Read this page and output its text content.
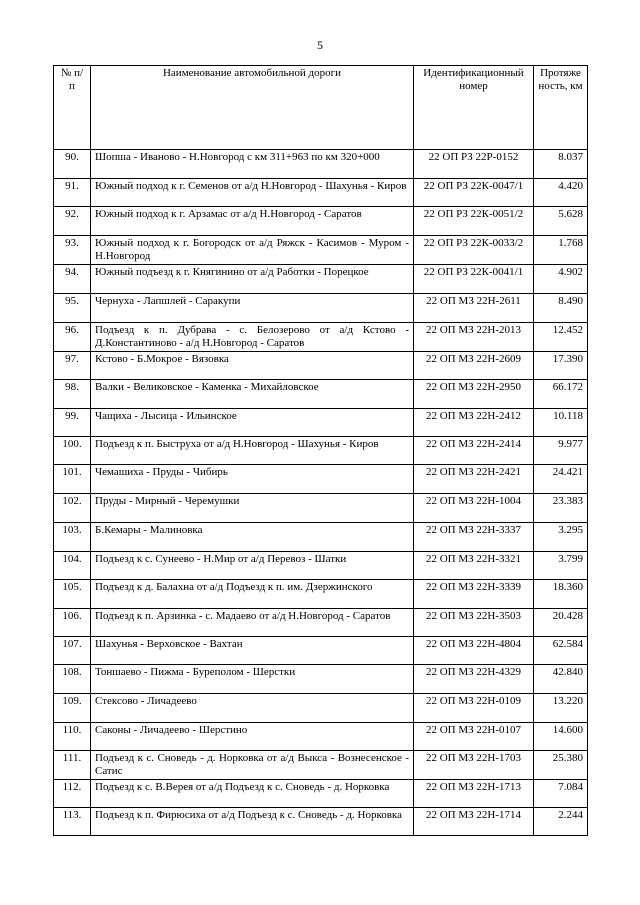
5
№ п/п	Наименование автомобильной дороги	Идентификационный номер	Протяже ность, км
90.	Шопша - Иваново - Н.Новгород с км 311+963 по км 320+000	22 ОП РЗ 22Р-0152	8.037
91.	Южный подход к г. Семенов от а/д Н.Новгород - Шахунья - Киров	22 ОП РЗ 22К-0047/1	4.420
92.	Южный подход к г. Арзамас от а/д Н.Новгород - Саратов	22 ОП РЗ 22К-0051/2	5.628
93.	Южный подход к г. Богородск от а/д Ряжск - Касимов - Муром - Н.Новгород	22 ОП РЗ 22К-0033/2	1.768
94.	Южный подъезд к г. Княгинино от а/д Работки - Порецкое	22 ОП РЗ 22К-0041/1	4.902
95.	Чернуха - Лапшлей - Саракупи	22 ОП МЗ 22Н-2611	8.490
96.	Подъезд к п. Дубрава - с. Белозерово от а/д Кстово - Д.Константиново - а/д Н.Новгород - Саратов	22 ОП МЗ 22Н-2013	12.452
97.	Кстово - Б.Мокрое - Вязовка	22 ОП МЗ 22Н-2609	17.390
98.	Валки - Великовское - Каменка - Михайловское	22 ОП МЗ 22Н-2950	66.172
99.	Чащиха - Лысица - Ильинское	22 ОП МЗ 22Н-2412	10.118
100.	Подъезд к п. Быструха от а/д Н.Новгород - Шахунья - Киров	22 ОП МЗ 22Н-2414	9.977
101.	Чемашиха - Пруды - Чибирь	22 ОП МЗ 22Н-2421	24.421
102.	Пруды - Мирный - Черемушки	22 ОП МЗ 22Н-1004	23.383
103.	Б.Кемары - Малиновка	22 ОП МЗ 22Н-3337	3.295
104.	Подъезд к с. Сунеево - Н.Мир от а/д Перевоз - Шатки	22 ОП МЗ 22Н-3321	3.799
105.	Подъезд к д. Балахна от а/д Подъезд к п. им. Дзержинского	22 ОП МЗ 22Н-3339	18.360
106.	Подъезд к п. Арзинка - с. Мадаево от а/д Н.Новгород - Саратов	22 ОП МЗ 22Н-3503	20.428
107.	Шахунья - Верховское - Вахтан	22 ОП МЗ 22Н-4804	62.584
108.	Тоншаево - Пижма - Буреполом - Шерстки	22 ОП МЗ 22Н-4329	42.840
109.	Стексово - Личадеево	22 ОП МЗ 22Н-0109	13.220
110.	Саконы - Личадеево - Шерстино	22 ОП МЗ 22Н-0107	14.600
111.	Подъезд к с. Сноведь - д. Норковка от а/д Выкса - Вознесенское - Сатис	22 ОП МЗ 22Н-1703	25.380
112.	Подъезд к с. В.Верея от а/д Подъезд к с. Сноведь - д. Норковка	22 ОП МЗ 22Н-1713	7.084
113.	Подъезд к п. Фирюсиха от а/д Подъезд к с. Сноведь - д. Норковка	22 ОП МЗ 22Н-1714	2.244
